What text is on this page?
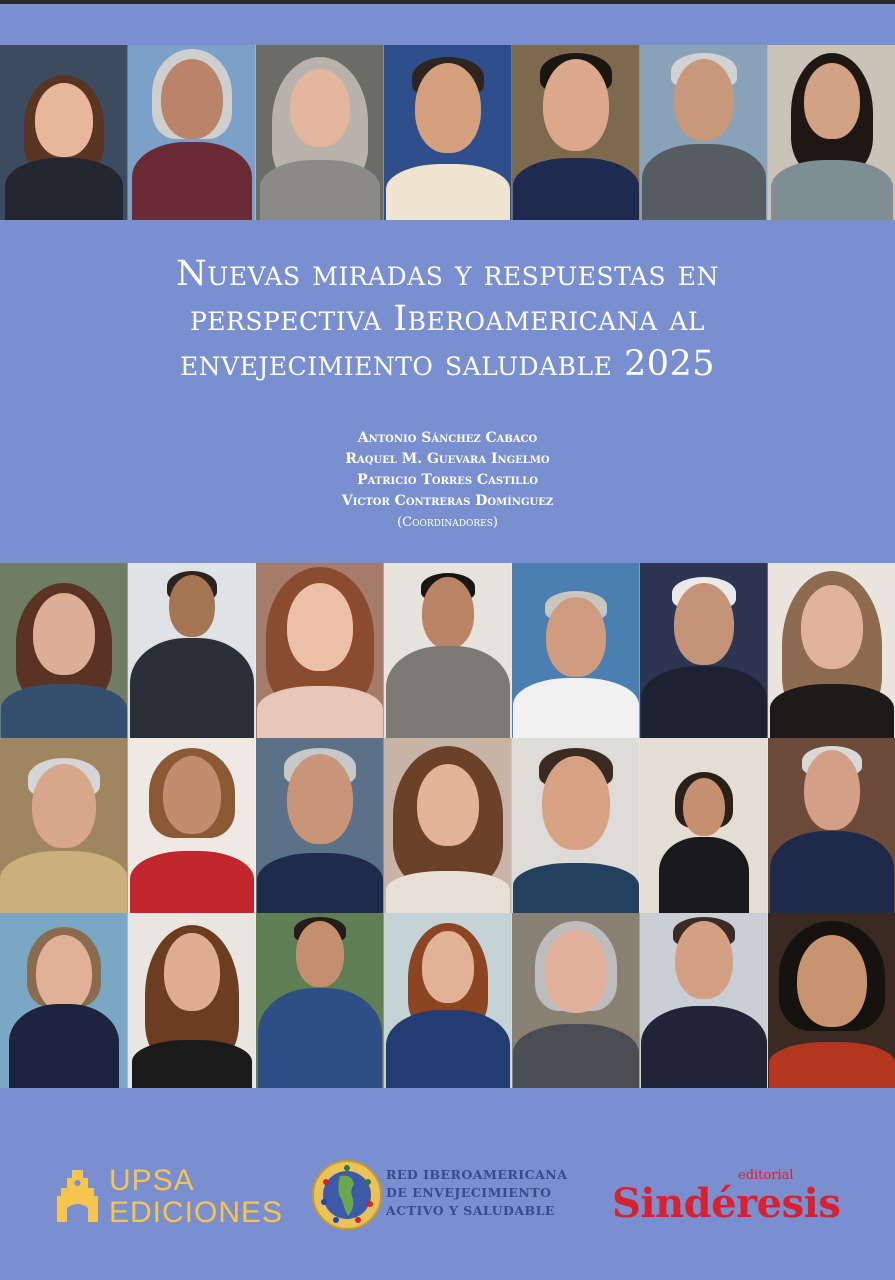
Nuevas miradas y respuestas en
perspectiva Iberoamericana al
envejecimiento saludable 2025
Antonio Sánchez Cabaco
Raquel M. Guevara Ingelmo
Patricio Torres Castillo
Victor Contreras Domínguez
(Coordinadores)
UPSA
EDICIONES
RED IBEROAMERICANA
DE ENVEJECIMIENTO
ACTIVO Y SALUDABLE
editorial
Sindéresis
